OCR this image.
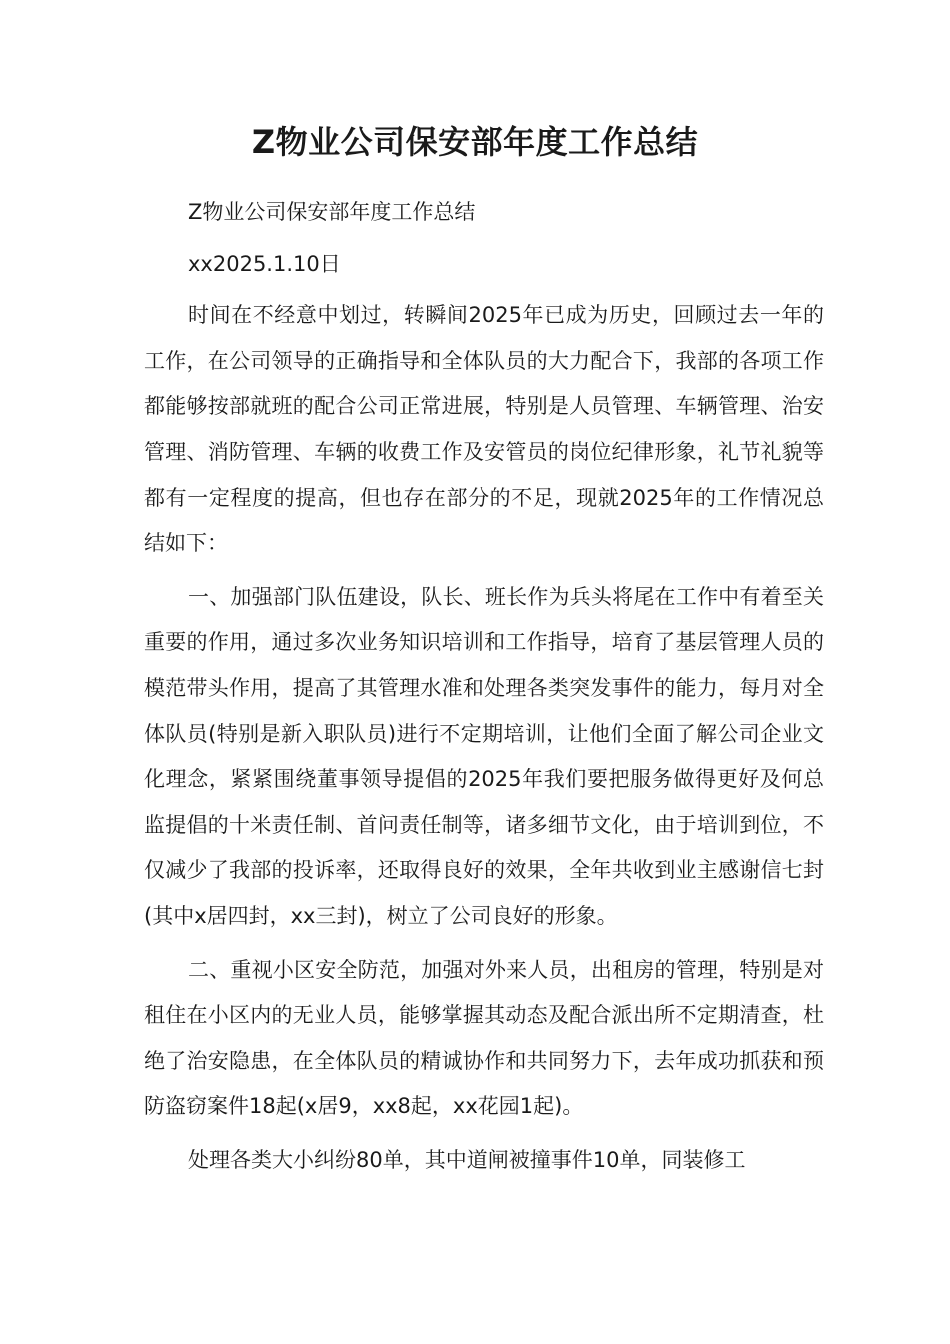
Z物业公司保安部年度工作总结

Z物业公司保安部年度工作总结

xx2025.1.10日

时间在不经意中划过，转瞬间2025年已成为历史，回顾过去一年的工作，在公司领导的正确指导和全体队员的大力配合下，我部的各项工作都能够按部就班的配合公司正常进展，特别是人员管理、车辆管理、治安管理、消防管理、车辆的收费工作及安管员的岗位纪律形象，礼节礼貌等都有一定程度的提高，但也存在部分的不足，现就2025年的工作情况总结如下：

一、加强部门队伍建设，队长、班长作为兵头将尾在工作中有着至关重要的作用，通过多次业务知识培训和工作指导，培育了基层管理人员的模范带头作用，提高了其管理水准和处理各类突发事件的能力，每月对全体队员(特别是新入职队员)进行不定期培训，让他们全面了解公司企业文化理念，紧紧围绕董事领导提倡的2025年我们要把服务做得更好及何总监提倡的十米责任制、首问责任制等，诸多细节文化，由于培训到位，不仅减少了我部的投诉率，还取得良好的效果，全年共收到业主感谢信七封(其中x居四封，xx三封)，树立了公司良好的形象。

二、重视小区安全防范，加强对外来人员，出租房的管理，特别是对租住在小区内的无业人员，能够掌握其动态及配合派出所不定期清查，杜绝了治安隐患，在全体队员的精诚协作和共同努力下，去年成功抓获和预防盗窃案件18起(x居9，xx8起，xx花园1起)。

处理各类大小纠纷80单，其中道闸被撞事件10单，同装修工
